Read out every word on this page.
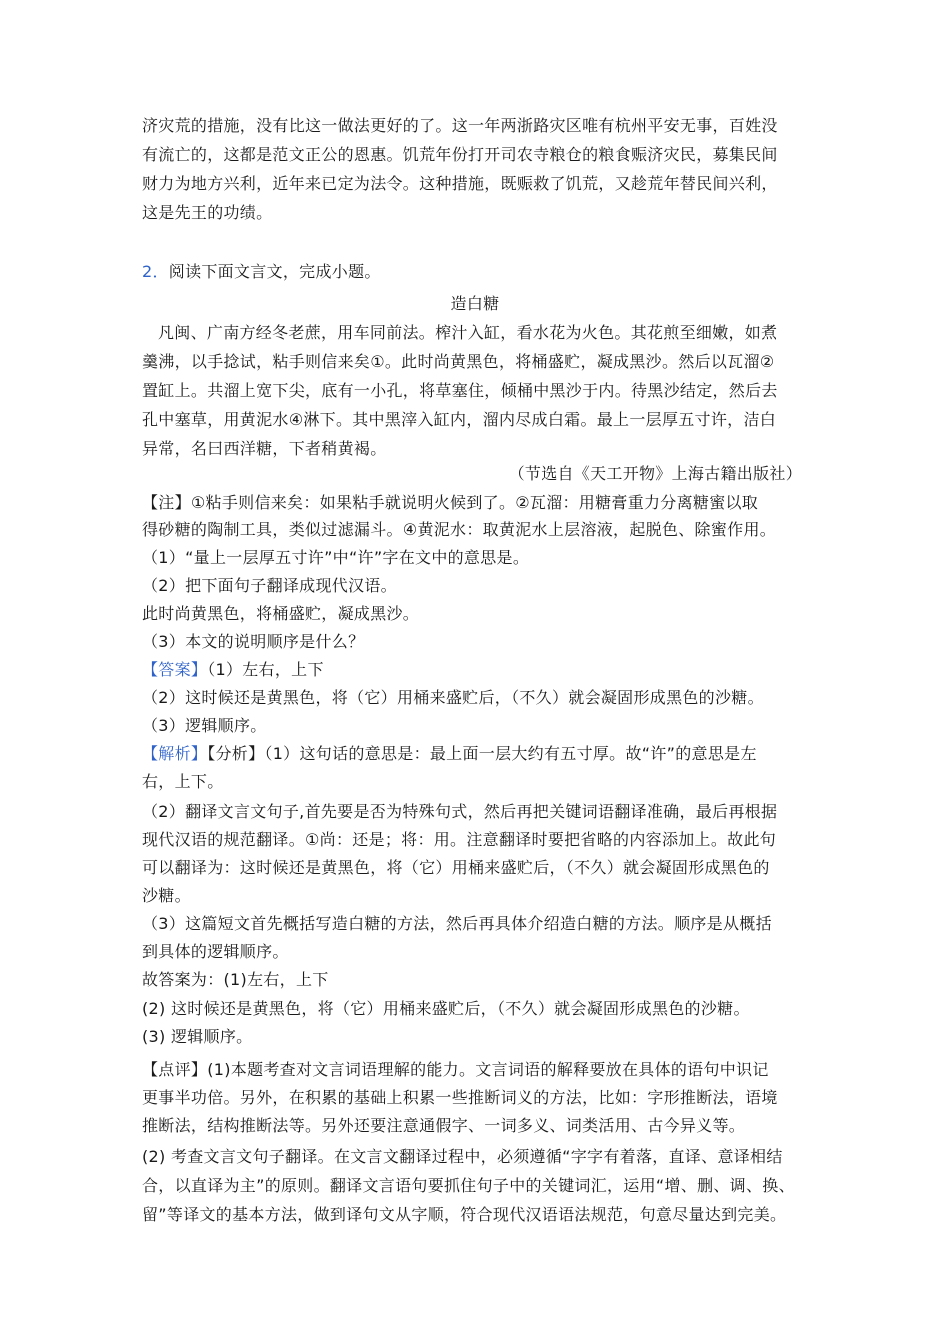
济灾荒的措施，没有比这一做法更好的了。这一年两浙路灾区唯有杭州平安无事，百姓没
有流亡的，这都是范文正公的恩惠。饥荒年份打开司农寺粮仓的粮食赈济灾民，募集民间
财力为地方兴利，近年来已定为法令。这种措施，既赈救了饥荒，又趁荒年替民间兴利，
这是先王的功绩。
2．阅读下面文言文，完成小题。
造白糖
凡闽、广南方经冬老蔗，用车同前法。榨汁入缸，看水花为火色。其花煎至细嫩，如煮
羹沸，以手捻试，粘手则信来矣①。此时尚黄黑色，将桶盛贮，凝成黑沙。然后以瓦溜②
置缸上。共溜上宽下尖，底有一小孔，将草塞住，倾桶中黑沙于内。待黑沙结定，然后去
孔中塞草，用黄泥水④淋下。其中黑滓入缸内，溜内尽成白霜。最上一层厚五寸许，洁白
异常，名曰西洋糖，下者稍黄褐。
（节选自《天工开物》上海古籍出版社）
【注】①粘手则信来矣：如果粘手就说明火候到了。②瓦溜：用糖膏重力分离糖蜜以取
得砂糖的陶制工具，类似过滤漏斗。④黄泥水：取黄泥水上层溶液，起脱色、除蜜作用。
（1）“量上一层厚五寸许”中“许”字在文中的意思是。
（2）把下面句子翻译成现代汉语。
此时尚黄黑色，将桶盛贮，凝成黑沙。
（3）本文的说明顺序是什么？
【答案】（1）左右，上下
（2）这时候还是黄黑色，将（它）用桶来盛贮后，（不久）就会凝固形成黑色的沙糖。
（3）逻辑顺序。
【解析】【分析】（1）这句话的意思是：最上面一层大约有五寸厚。故“许”的意思是左
右，上下。
（2）翻译文言文句子,首先要是否为特殊句式，然后再把关键词语翻译准确，最后再根据
现代汉语的规范翻译。①尚：还是；将：用。注意翻译时要把省略的内容添加上。故此句
可以翻译为：这时候还是黄黑色，将（它）用桶来盛贮后，（不久）就会凝固形成黑色的
沙糖。
（3）这篇短文首先概括写造白糖的方法，然后再具体介绍造白糖的方法。顺序是从概括
到具体的逻辑顺序。
故答案为：(1)左右，上下
(2) 这时候还是黄黑色，将（它）用桶来盛贮后，（不久）就会凝固形成黑色的沙糖。
(3) 逻辑顺序。
【点评】(1)本题考查对文言词语理解的能力。文言词语的解释要放在具体的语句中识记
更事半功倍。另外，在积累的基础上积累一些推断词义的方法，比如：字形推断法，语境
推断法，结构推断法等。另外还要注意通假字、一词多义、词类活用、古今异义等。
(2) 考查文言文句子翻译。在文言文翻译过程中，必须遵循“字字有着落，直译、意译相结
合，以直译为主”的原则。翻译文言语句要抓住句子中的关键词汇，运用“增、删、调、换、
留”等译文的基本方法，做到译句文从字顺，符合现代汉语语法规范，句意尽量达到完美。
